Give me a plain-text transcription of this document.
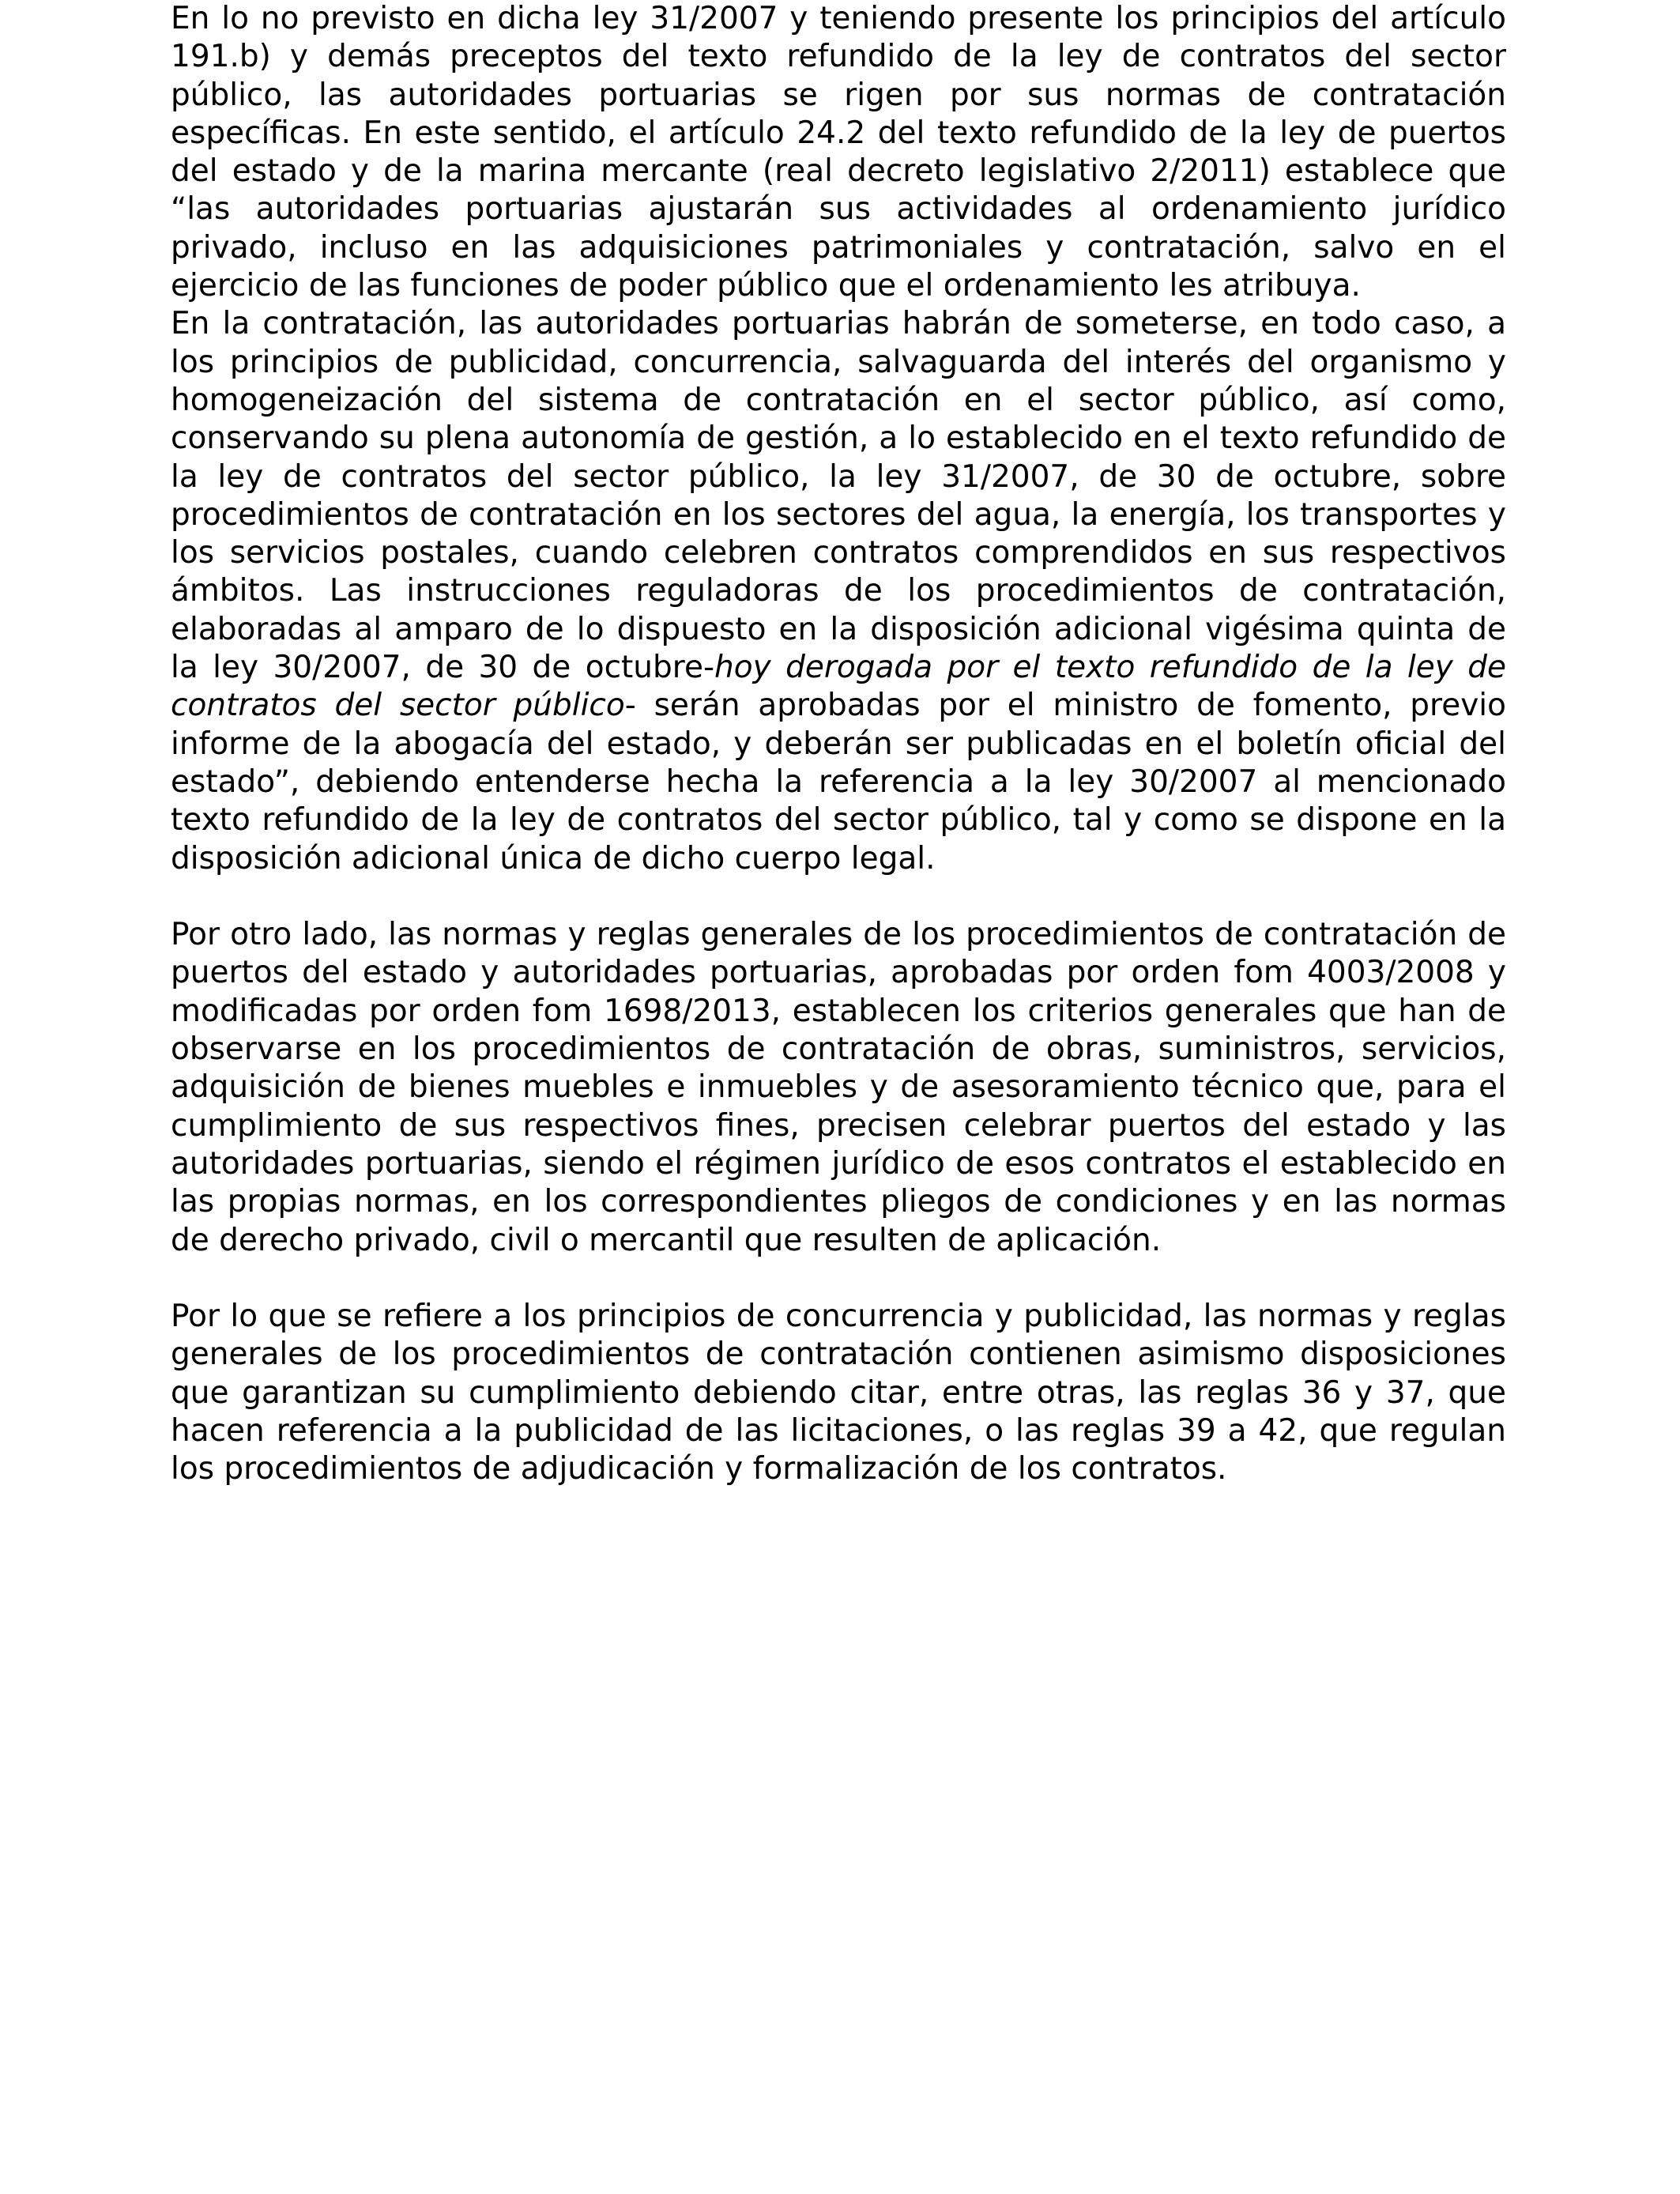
En lo no previsto en dicha ley 31/2007 y teniendo presente los principios del artículo 191.b) y demás preceptos del texto refundido de la ley de contratos del sector público, las autoridades portuarias se rigen por sus normas de contratación específicas. En este sentido, el artículo 24.2 del texto refundido de la ley de puertos del estado y de la marina mercante (real decreto legislativo 2/2011) establece que “las autoridades portuarias ajustarán sus actividades al ordenamiento jurídico privado, incluso en las adquisiciones patrimoniales y contratación, salvo en el ejercicio de las funciones de poder público que el ordenamiento les atribuya.

En la contratación, las autoridades portuarias habrán de someterse, en todo caso, a los principios de publicidad, concurrencia, salvaguarda del interés del organismo y homogeneización del sistema de contratación en el sector público, así como, conservando su plena autonomía de gestión, a lo establecido en el texto refundido de la ley de contratos del sector público, la ley 31/2007, de 30 de octubre, sobre procedimientos de contratación en los sectores del agua, la energía, los transportes y los servicios postales, cuando celebren contratos comprendidos en sus respectivos ámbitos. Las instrucciones reguladoras de los procedimientos de contratación, elaboradas al amparo de lo dispuesto en la disposición adicional vigésima quinta de la ley 30/2007, de 30 de octubre-hoy derogada por el texto refundido de la ley de contratos del sector público- serán aprobadas por el ministro de fomento, previo informe de la abogacía del estado, y deberán ser publicadas en el boletín oficial del estado”, debiendo entenderse hecha la referencia a la ley 30/2007 al mencionado texto refundido de la ley de contratos del sector público, tal y como se dispone en la disposición adicional única de dicho cuerpo legal.

Por otro lado, las normas y reglas generales de los procedimientos de contratación de puertos del estado y autoridades portuarias, aprobadas por orden fom 4003/2008 y modificadas por orden fom 1698/2013, establecen los criterios generales que han de observarse en los procedimientos de contratación de obras, suministros, servicios, adquisición de bienes muebles e inmuebles y de asesoramiento técnico que, para el cumplimiento de sus respectivos fines, precisen celebrar puertos del estado y las autoridades portuarias, siendo el régimen jurídico de esos contratos el establecido en las propias normas, en los correspondientes pliegos de condiciones y en las normas de derecho privado, civil o mercantil que resulten de aplicación.

Por lo que se refiere a los principios de concurrencia y publicidad, las normas y reglas generales de los procedimientos de contratación contienen asimismo disposiciones que garantizan su cumplimiento debiendo citar, entre otras, las reglas 36 y 37, que hacen referencia a la publicidad de las licitaciones, o las reglas 39 a 42, que regulan los procedimientos de adjudicación y formalización de los contratos.
